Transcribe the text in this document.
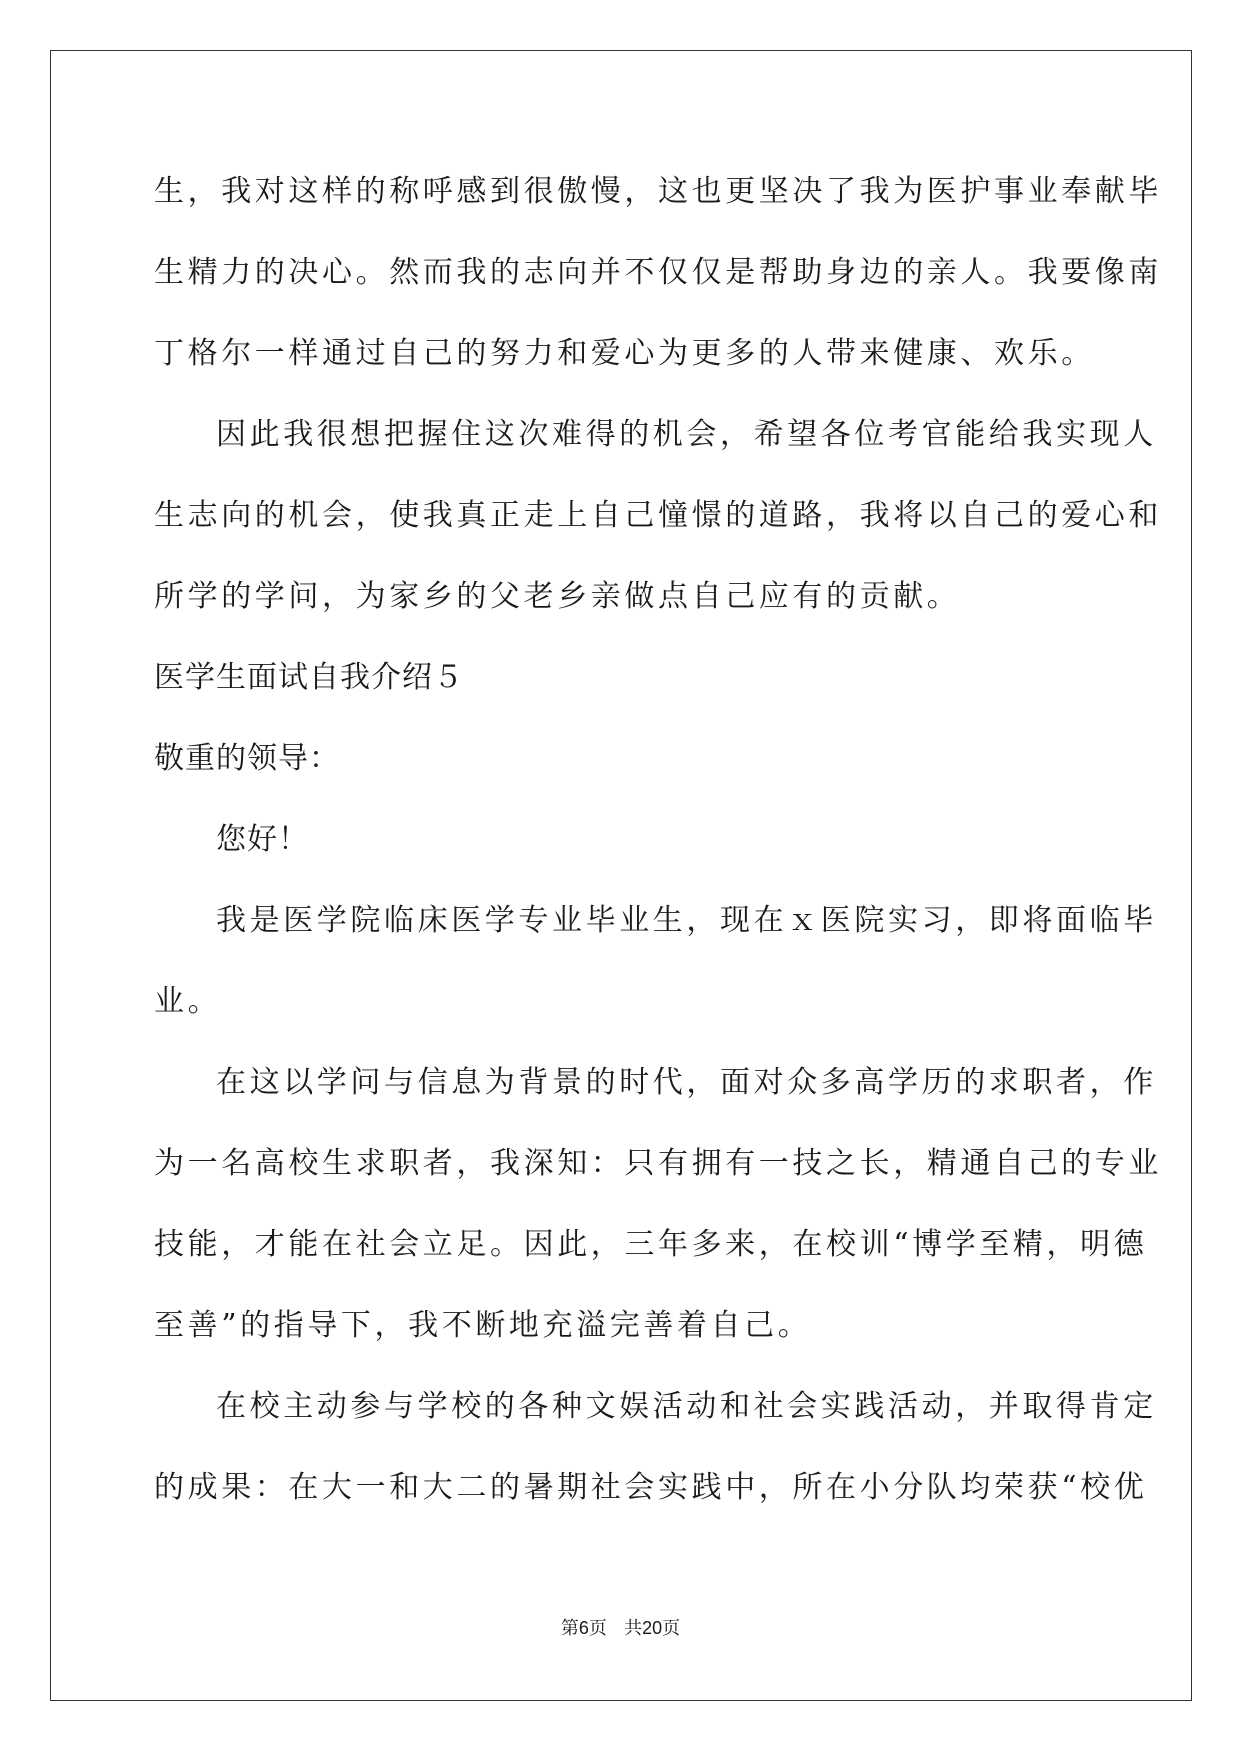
生，我对这样的称呼感到很傲慢，这也更坚决了我为医护事业奉献毕
生精力的决心。然而我的志向并不仅仅是帮助身边的亲人。我要像南
丁格尔一样通过自己的努力和爱心为更多的人带来健康、欢乐。
因此我很想把握住这次难得的机会，希望各位考官能给我实现人
生志向的机会，使我真正走上自己憧憬的道路，我将以自己的爱心和
所学的学问，为家乡的父老乡亲做点自己应有的贡献。
医学生面试自我介绍５
敬重的领导：
您好！
我是医学院临床医学专业毕业生，现在ｘ医院实习，即将面临毕
业。
在这以学问与信息为背景的时代，面对众多高学历的求职者，作
为一名高校生求职者，我深知：只有拥有一技之长，精通自己的专业
技能，才能在社会立足。因此，三年多来，在校训“博学至精，明德
至善”的指导下，我不断地充溢完善着自己。
在校主动参与学校的各种文娱活动和社会实践活动，并取得肯定
的成果：在大一和大二的暑期社会实践中，所在小分队均荣获“校优
第6页 共20页
